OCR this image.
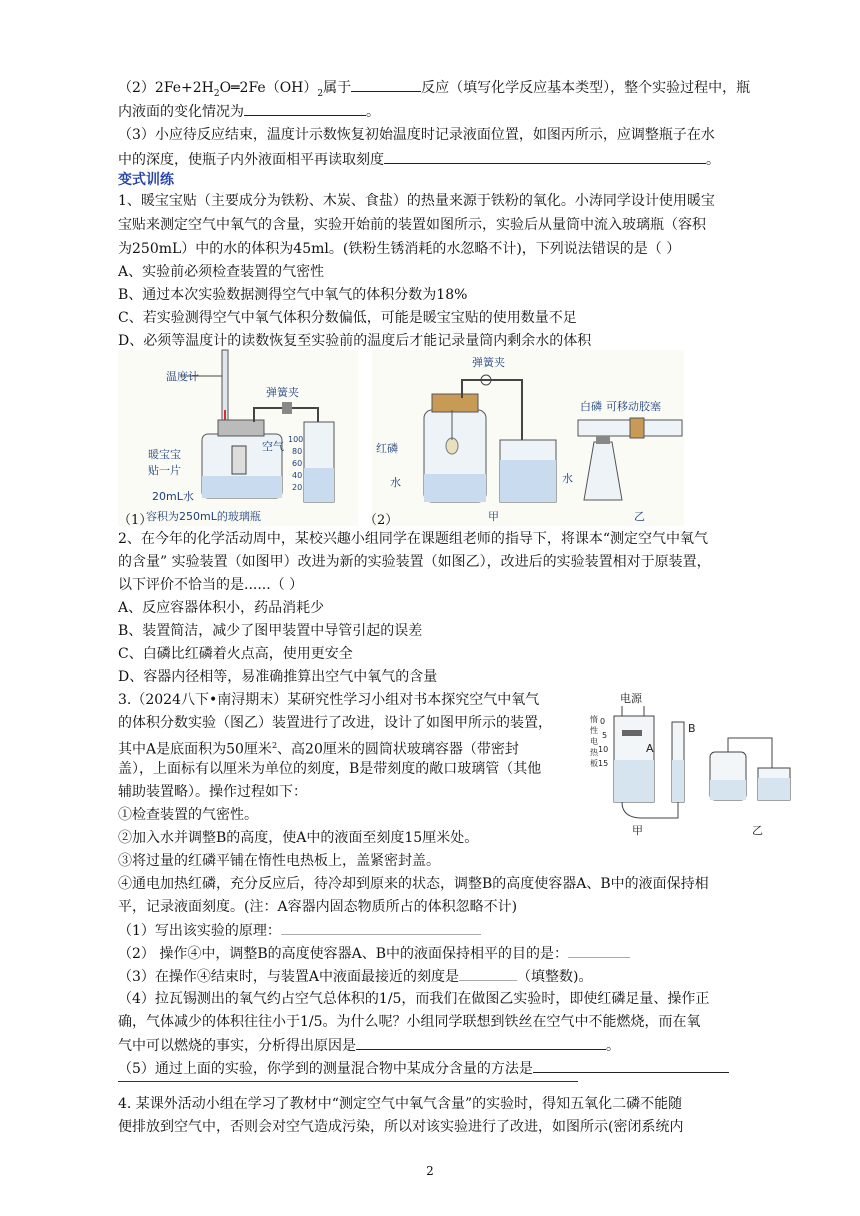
$(2)2Fe+2H_2O═2Fe(OH)_2$属于	反应（填写化学反应基本类型），整个实验过程中，瓶
内液面的变化情况为	。
（3）小应待反应结束，温度计示数恢复初始温度时记录液面位置，如图丙所示，应调整瓶子在水
中的深度，使瓶子内外液面相平再读取刻度	。
变式训练
1、暖宝宝贴（主要成分为铁粉、木炭、食盐）的热量来源于铁粉的氧化。小涛同学设计使用暖宝
宝贴来测定空气中氧气的含量，实验开始前的装置如图所示，实验后从量筒中流入玻璃瓶（容积
为250mL）中的水的体积为45ml。(铁粉生锈消耗的水忽略不计)，下列说法错误的是（ ）
A、实验前必须检查装置的气密性
B、通过本次实验数据测得空气中氧气的体积分数为18%
C、若实验测得空气中氧气体积分数偏低，可能是暖宝宝贴的使用数量不足
D、必须等温度计的读数恢复至实验前的温度后才能记录量筒内剩余水的体积
温度计
弹簧夹
100
80
60
40
20
空气
暖宝宝
贴一片
20mL水
容积为250mL的玻璃瓶
（1）
弹簧夹
红磷
水	水
甲
白磷 可移动胶塞
乙
（2）
2、在今年的化学活动周中，某校兴趣小组同学在课题组老师的指导下，将课本“测定空气中氧气
的含量” 实验装置（如图甲）改进为新的实验装置（如图乙），改进后的实验装置相对于原装置，
以下评价不恰当的是......（ ）
A、反应容器体积小，药品消耗少
B、装置简洁，减少了图甲装置中导管引起的误差
C、白磷比红磷着火点高，使用更安全
D、容器内径相等，易准确推算出空气中氧气的含量
3.（2024八下•南浔期末）某研究性学习小组对书本探究空气中氧气
的体积分数实验（图乙）装置进行了改进，设计了如图甲所示的装置，
其中A是底面积为50厘米$^2$、高20厘米的圆筒状玻璃容器（带密封
盖），上面标有以厘米为单位的刻度，B是带刻度的敞口玻璃管（其他
辅助装置略）。操作过程如下：
①检查装置的气密性。
②加入水并调整B的高度，使A中的液面至刻度15厘米处。
③将过量的红磷平铺在惰性电热板上，盖紧密封盖。
④通电加热红磷，充分反应后，待冷却到原来的状态，调整B的高度使容器A、B中的液面保持相
平，记录液面刻度。(注：A容器内固态物质所占的体积忽略不计)
（1）写出该实验的原理：
（2） 操作④中，调整B的高度使容器A、B中的液面保持相平的目的是：
（3）在操作④结束时，与装置A中液面最接近的刻度是	（填整数)。
（4）拉瓦锡测出的氧气约占空气总体积的1/5，而我们在做图乙实验时，即使红磷足量、操作正
确，气体减少的体积往往小于1/5。为什么呢？小组同学联想到铁丝在空气中不能燃烧，而在氧
气中可以燃烧的事实，分析得出原因是	。
（5）通过上面的实验，你学到的测量混合物中某成分含量的方法是
电源
0
5
10
15
惰
性
电
热
板
A
B
甲	乙
4. 某课外活动小组在学习了教材中“测定空气中氧气含量”的实验时，得知五氧化二磷不能随
便排放到空气中，否则会对空气造成污染，所以对该实验进行了改进，如图所示(密闭系统内
2
